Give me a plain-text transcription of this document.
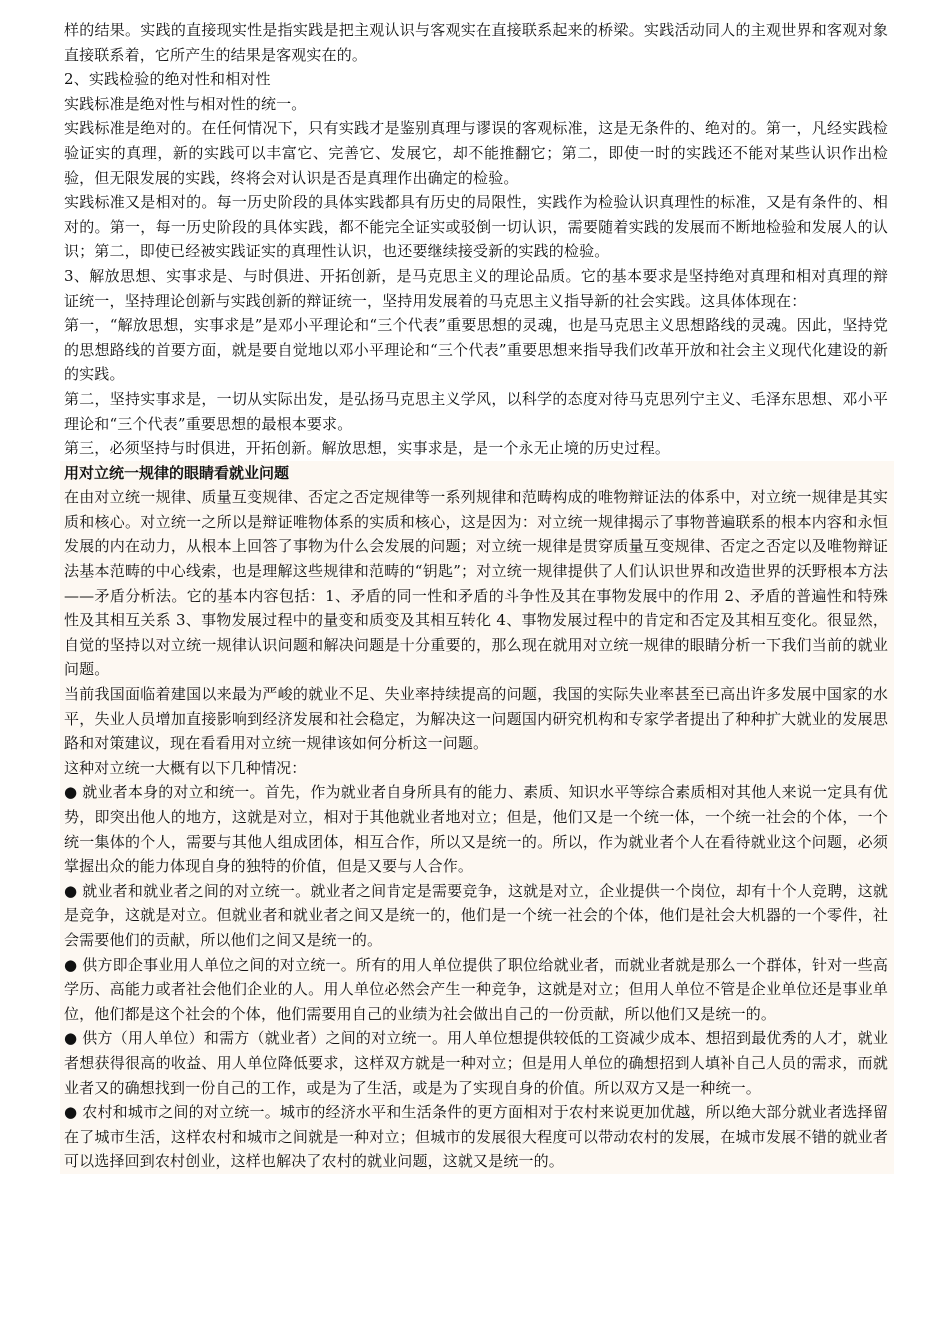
样的结果。实践的直接现实性是指实践是把主观认识与客观实在直接联系起来的桥梁。实践活动同人的主观世界和客观对象直接联系着，它所产生的结果是客观实在的。

2、实践检验的绝对性和相对性

实践标准是绝对性与相对性的统一。

实践标准是绝对的。在任何情况下，只有实践才是鉴别真理与谬误的客观标准，这是无条件的、绝对的。第一，凡经实践检验证实的真理，新的实践可以丰富它、完善它、发展它，却不能推翻它；第二，即使一时的实践还不能对某些认识作出检验，但无限发展的实践，终将会对认识是否是真理作出确定的检验。

实践标准又是相对的。每一历史阶段的具体实践都具有历史的局限性，实践作为检验认识真理性的标准，又是有条件的、相对的。第一，每一历史阶段的具体实践，都不能完全证实或驳倒一切认识，需要随着实践的发展而不断地检验和发展人的认识；第二，即使已经被实践证实的真理性认识，也还要继续接受新的实践的检验。

3、解放思想、实事求是、与时俱进、开拓创新，是马克思主义的理论品质。它的基本要求是坚持绝对真理和相对真理的辩证统一，坚持理论创新与实践创新的辩证统一，坚持用发展着的马克思主义指导新的社会实践。这具体体现在：

第一，“解放思想，实事求是”是邓小平理论和“三个代表”重要思想的灵魂，也是马克思主义思想路线的灵魂。因此，坚持党的思想路线的首要方面，就是要自觉地以邓小平理论和“三个代表”重要思想来指导我们改革开放和社会主义现代化建设的新的实践。

第二，坚持实事求是，一切从实际出发，是弘扬马克思主义学风，以科学的态度对待马克思列宁主义、毛泽东思想、邓小平理论和“三个代表”重要思想的最根本要求。

第三，必须坚持与时俱进，开拓创新。解放思想，实事求是，是一个永无止境的历史过程。

用对立统一规律的眼睛看就业问题

在由对立统一规律、质量互变规律、否定之否定规律等一系列规律和范畴构成的唯物辩证法的体系中，对立统一规律是其实质和核心。对立统一之所以是辩证唯物体系的实质和核心，这是因为：对立统一规律揭示了事物普遍联系的根本内容和永恒发展的内在动力，从根本上回答了事物为什么会发展的问题；对立统一规律是贯穿质量互变规律、否定之否定以及唯物辩证法基本范畴的中心线索，也是理解这些规律和范畴的“钥匙”；对立统一规律提供了人们认识世界和改造世界的沃野根本方法——矛盾分析法。它的基本内容包括：1、矛盾的同一性和矛盾的斗争性及其在事物发展中的作用 2、矛盾的普遍性和特殊性及其相互关系 3、事物发展过程中的量变和质变及其相互转化 4、事物发展过程中的肯定和否定及其相互变化。很显然，自觉的坚持以对立统一规律认识问题和解决问题是十分重要的，那么现在就用对立统一规律的眼睛分析一下我们当前的就业问题。

当前我国面临着建国以来最为严峻的就业不足、失业率持续提高的问题，我国的实际失业率甚至已高出许多发展中国家的水平，失业人员增加直接影响到经济发展和社会稳定，为解决这一问题国内研究机构和专家学者提出了种种扩大就业的发展思路和对策建议，现在看看用对立统一规律该如何分析这一问题。

这种对立统一大概有以下几种情况：

● 就业者本身的对立和统一。首先，作为就业者自身所具有的能力、素质、知识水平等综合素质相对其他人来说一定具有优势，即突出他人的地方，这就是对立，相对于其他就业者地对立；但是，他们又是一个统一体，一个统一社会的个体，一个统一集体的个人，需要与其他人组成团体，相互合作，所以又是统一的。所以，作为就业者个人在看待就业这个问题，必须掌握出众的能力体现自身的独特的价值，但是又要与人合作。

● 就业者和就业者之间的对立统一。就业者之间肯定是需要竞争，这就是对立，企业提供一个岗位，却有十个人竞聘，这就是竞争，这就是对立。但就业者和就业者之间又是统一的，他们是一个统一社会的个体，他们是社会大机器的一个零件，社会需要他们的贡献，所以他们之间又是统一的。

● 供方即企事业用人单位之间的对立统一。所有的用人单位提供了职位给就业者，而就业者就是那么一个群体，针对一些高学历、高能力或者社会他们企业的人。用人单位必然会产生一种竞争，这就是对立；但用人单位不管是企业单位还是事业单位，他们都是这个社会的个体，他们需要用自己的业绩为社会做出自己的一份贡献，所以他们又是统一的。

● 供方（用人单位）和需方（就业者）之间的对立统一。用人单位想提供较低的工资减少成本、想招到最优秀的人才，就业者想获得很高的收益、用人单位降低要求，这样双方就是一种对立；但是用人单位的确想招到人填补自己人员的需求，而就业者又的确想找到一份自己的工作，或是为了生活，或是为了实现自身的价值。所以双方又是一种统一。

● 农村和城市之间的对立统一。城市的经济水平和生活条件的更方面相对于农村来说更加优越，所以绝大部分就业者选择留在了城市生活，这样农村和城市之间就是一种对立；但城市的发展很大程度可以带动农村的发展，在城市发展不错的就业者可以选择回到农村创业，这样也解决了农村的就业问题，这就又是统一的。
